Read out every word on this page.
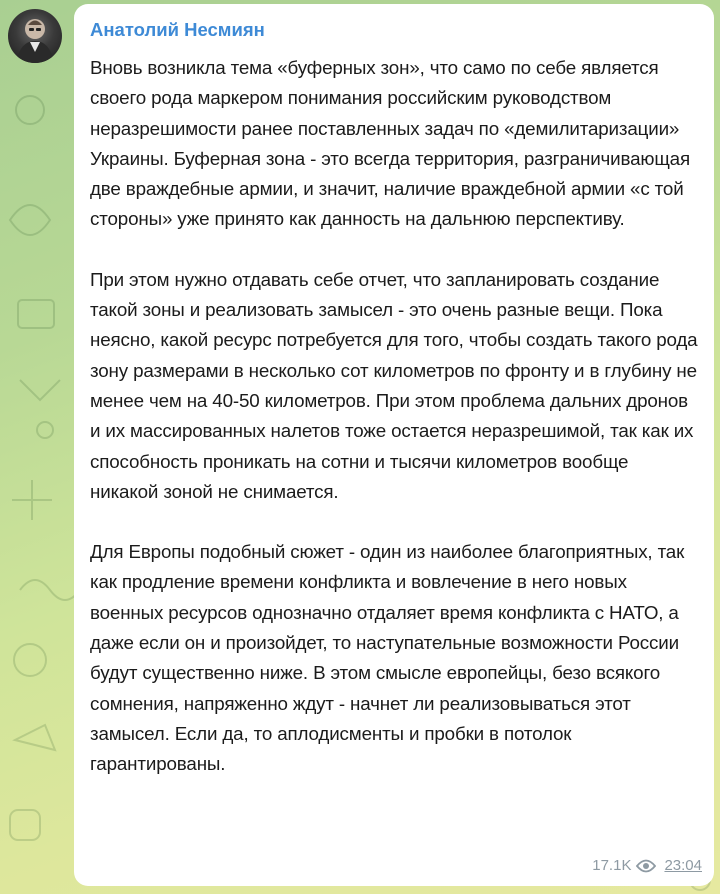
Анатолий Несмиян

Вновь возникла тема «буферных зон», что само по себе является своего рода маркером понимания российским руководством неразрешимости ранее поставленных задач по «демилитаризации» Украины. Буферная зона - это всегда территория, разграничивающая две враждебные армии, и значит, наличие враждебной армии «с той стороны» уже принято как данность на дальнюю перспективу.

При этом нужно отдавать себе отчет, что запланировать создание такой зоны и реализовать замысел - это очень разные вещи. Пока неясно, какой ресурс потребуется для того, чтобы создать такого рода зону размерами в несколько сот километров по фронту и в глубину не менее чем на 40-50 километров. При этом проблема дальних дронов и их массированных налетов тоже остается неразрешимой, так как их способность проникать на сотни и тысячи километров вообще никакой зоной не снимается.

Для Европы подобный сюжет - один из наиболее благоприятных, так как продление времени конфликта и вовлечение в него новых военных ресурсов однозначно отдаляет время конфликта с НАТО, а даже если он и произойдет, то наступательные возможности России будут существенно ниже. В этом смысле европейцы, безо всякого сомнения, напряженно ждут - начнет ли реализовываться этот замысел. Если да, то аплодисменты и пробки в потолок гарантированы.

17.1K 23:04
